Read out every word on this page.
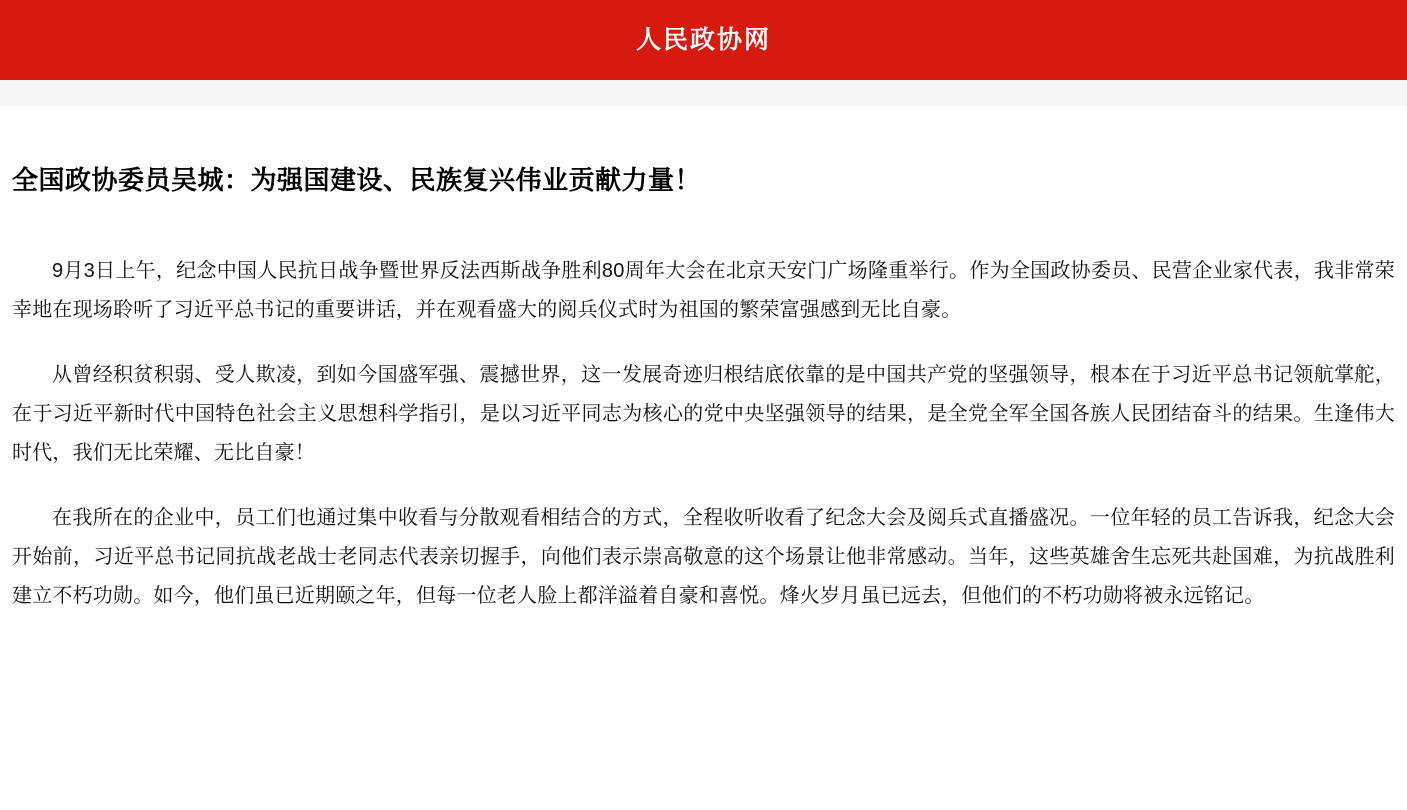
人民政协网
全国政协委员吴城：为强国建设、民族复兴伟业贡献力量！

9月3日上午，纪念中国人民抗日战争暨世界反法西斯战争胜利80周年大会在北京天安门广场隆重举行。作为全国政协委员、民营企业家代表，我非常荣幸地在现场聆听了习近平总书记的重要讲话，并在观看盛大的阅兵仪式时为祖国的繁荣富强感到无比自豪。

从曾经积贫积弱、受人欺凌，到如今国盛军强、震撼世界，这一发展奇迹归根结底依靠的是中国共产党的坚强领导，根本在于习近平总书记领航掌舵，在于习近平新时代中国特色社会主义思想科学指引，是以习近平同志为核心的党中央坚强领导的结果，是全党全军全国各族人民团结奋斗的结果。生逢伟大时代，我们无比荣耀、无比自豪！

在我所在的企业中，员工们也通过集中收看与分散观看相结合的方式，全程收听收看了纪念大会及阅兵式直播盛况。一位年轻的员工告诉我，纪念大会开始前，习近平总书记同抗战老战士老同志代表亲切握手，向他们表示崇高敬意的这个场景让他非常感动。当年，这些英雄舍生忘死共赴国难，为抗战胜利建立不朽功勋。如今，他们虽已近期颐之年，但每一位老人脸上都洋溢着自豪和喜悦。烽火岁月虽已远去，但他们的不朽功勋将被永远铭记。
